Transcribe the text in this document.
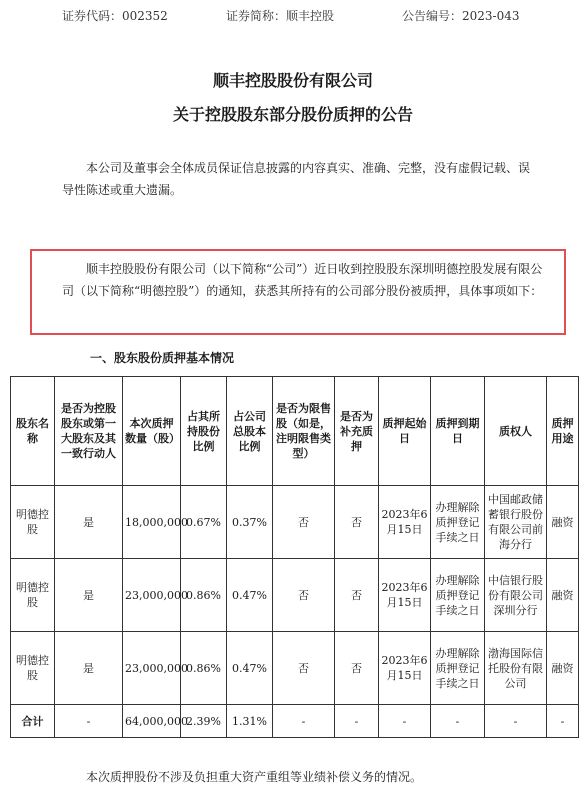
证券代码：002352	证券简称：顺丰控股	公告编号：2023-043
顺丰控股股份有限公司
关于控股股东部分股份质押的公告
本公司及董事会全体成员保证信息披露的内容真实、准确、完整，没有虚假记载、误导性陈述或重大遗漏。
顺丰控股股份有限公司（以下简称“公司”）近日收到控股股东深圳明德控股发展有限公司（以下简称“明德控股”）的通知，获悉其所持有的公司部分股份被质押，具体事项如下：
一、股东股份质押基本情况
股东名称	是否为控股股东或第一大股东及其一致行动人	本次质押数量（股）	占其所持股份比例	占公司总股本比例	是否为限售股（如是，注明限售类型）	是否为补充质押	质押起始日	质押到期日	质权人	质押用途
明德控股	是	18,000,000	0.67%	0.37%	否	否	2023年6月15日	办理解除质押登记手续之日	中国邮政储蓄银行股份有限公司前海分行	融资
明德控股	是	23,000,000	0.86%	0.47%	否	否	2023年6月15日	办理解除质押登记手续之日	中信银行股份有限公司深圳分行	融资
明德控股	是	23,000,000	0.86%	0.47%	否	否	2023年6月15日	办理解除质押登记手续之日	渤海国际信托股份有限公司	融资
合计	-	64,000,000	2.39%	1.31%	-	-	-	-	-	-
本次质押股份不涉及负担重大资产重组等业绩补偿义务的情况。
